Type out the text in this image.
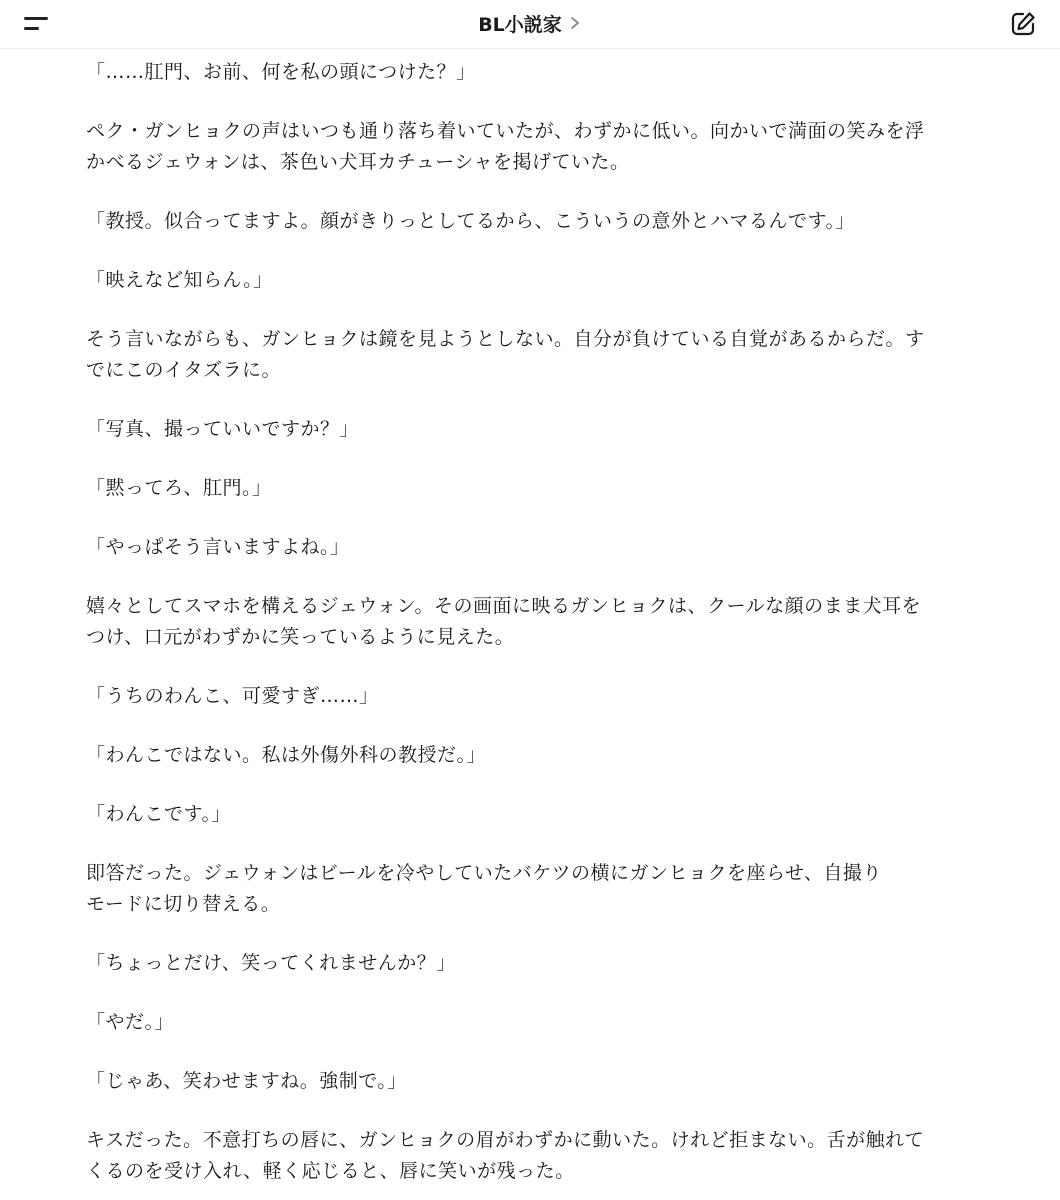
BL小説家

「……肛門、お前、何を私の頭につけた？」

ペク・ガンヒョクの声はいつも通り落ち着いていたが、わずかに低い。向かいで満面の笑みを浮
かべるジェウォンは、茶色い犬耳カチューシャを掲げていた。

「教授。似合ってますよ。顔がきりっとしてるから、こういうの意外とハマるんです。」

「映えなど知らん。」

そう言いながらも、ガンヒョクは鏡を見ようとしない。自分が負けている自覚があるからだ。す
でにこのイタズラに。

「写真、撮っていいですか？」

「黙ってろ、肛門。」

「やっぱそう言いますよね。」

嬉々としてスマホを構えるジェウォン。その画面に映るガンヒョクは、クールな顔のまま犬耳を
つけ、口元がわずかに笑っているように見えた。

「うちのわんこ、可愛すぎ……」

「わんこではない。私は外傷外科の教授だ。」

「わんこです。」

即答だった。ジェウォンはビールを冷やしていたバケツの横にガンヒョクを座らせ、自撮り
モードに切り替える。

「ちょっとだけ、笑ってくれませんか？」

「やだ。」

「じゃあ、笑わせますね。強制で。」

キスだった。不意打ちの唇に、ガンヒョクの眉がわずかに動いた。けれど拒まない。舌が触れて
くるのを受け入れ、軽く応じると、唇に笑いが残った。
